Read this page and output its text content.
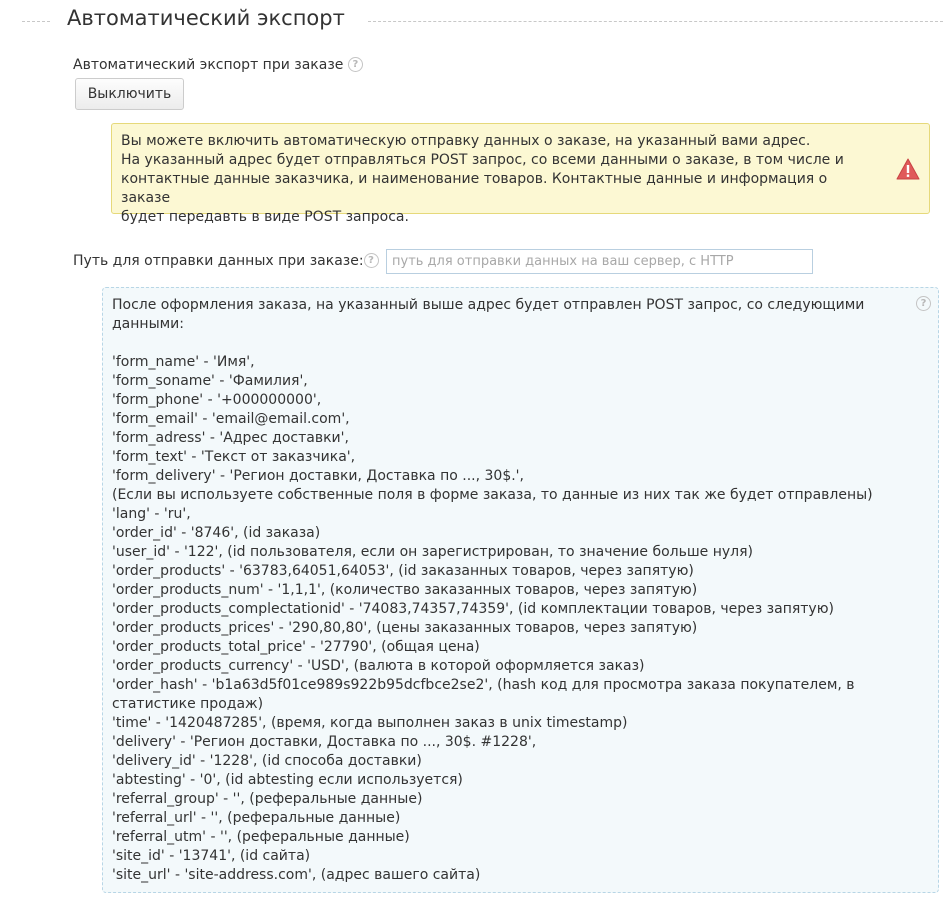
Автоматический экспорт
Автоматический экспорт при заказе ?
Выключить

Вы можете включить автоматическую отправку данных о заказе, на указанный вами адрес.

На указанный адрес будет отправляться POST запрос, со всеми данными о заказе, в том числе и

контактные данные заказчика, и наименование товаров. Контактные данные и информация о заказе

будет передавть в виде POST запроса.

Путь для отправки данных при заказе: ?
путь для отправки данных на ваш сервер, с HTTP
После оформления заказа, на указанный выше адрес будет отправлен POST запрос, со следующими данными:
'form_name' - 'Имя',
'form_soname' - 'Фамилия',
'form_phone' - '+000000000',
'form_email' - 'email@email.com',
'form_adress' - 'Адрес доставки',
'form_text' - 'Текст от заказчика',
'form_delivery' - 'Регион доставки, Доставка по ..., 30$.',
(Если вы используете собственные поля в форме заказа, то данные из них так же будет отправлены)
'lang' - 'ru',
'order_id' - '8746', (id заказа)
'user_id' - '122', (id пользователя, если он зарегистрирован, то значение больше нуля)
'order_products' - '63783,64051,64053', (id заказанных товаров, через запятую)
'order_products_num' - '1,1,1', (количество заказанных товаров, через запятую)
'order_products_complectationid' - '74083,74357,74359', (id комплектации товаров, через запятую)
'order_products_prices' - '290,80,80', (цены заказанных товаров, через запятую)
'order_products_total_price' - '27790', (общая цена)
'order_products_currency' - 'USD', (валюта в которой оформляется заказ)
'order_hash' - 'b1a63d5f01ce989s922b95dcfbce2se2', (hash код для просмотра заказа покупателем, в
статистике продаж)
'time' - '1420487285', (время, когда выполнен заказ в unix timestamp)
'delivery' - 'Регион доставки, Доставка по ..., 30$. #1228',
'delivery_id' - '1228', (id способа доставки)
'abtesting' - '0', (id abtesting если используется)
'referral_group' - '', (реферальные данные)
'referral_url' - '', (реферальные данные)
'referral_utm' - '', (реферальные данные)
'site_id' - '13741', (id сайта)
'site_url' - 'site-address.com', (адрес вашего сайта)
?
